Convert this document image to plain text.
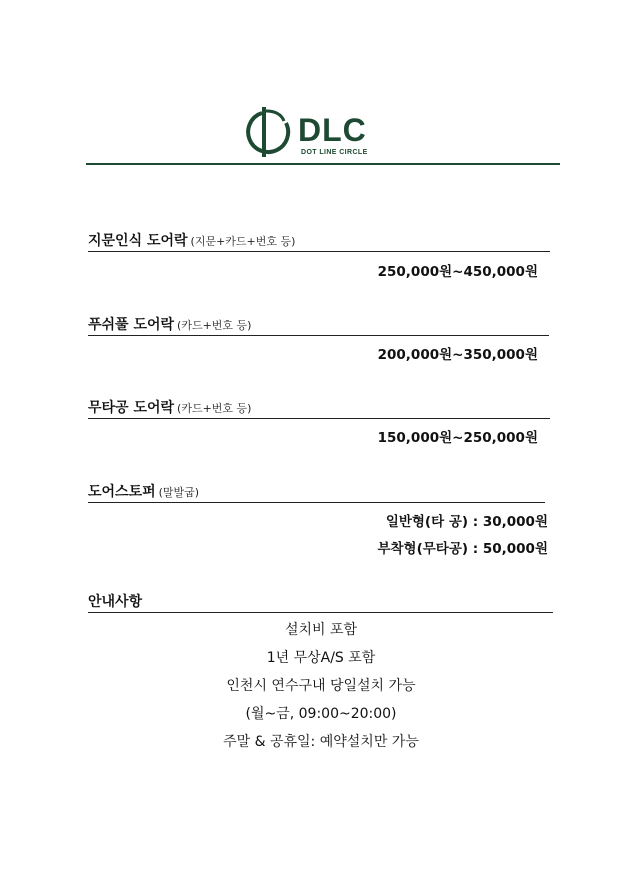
DLC
DOT LINE CIRCLE
지문인식 도어락 (지문+카드+번호 등)
250,000원~450,000원
푸쉬풀 도어락 (카드+번호 등)
200,000원~350,000원
무타공 도어락 (카드+번호 등)
150,000원~250,000원
도어스토퍼 (말발굽)
일반형(타 공) : 30,000원
부착형(무타공) : 50,000원
안내사항
설치비 포함
1년 무상A/S 포함
인천시 연수구내 당일설치 가능
(월~금, 09:00~20:00)
주말 & 공휴일: 예약설치만 가능
